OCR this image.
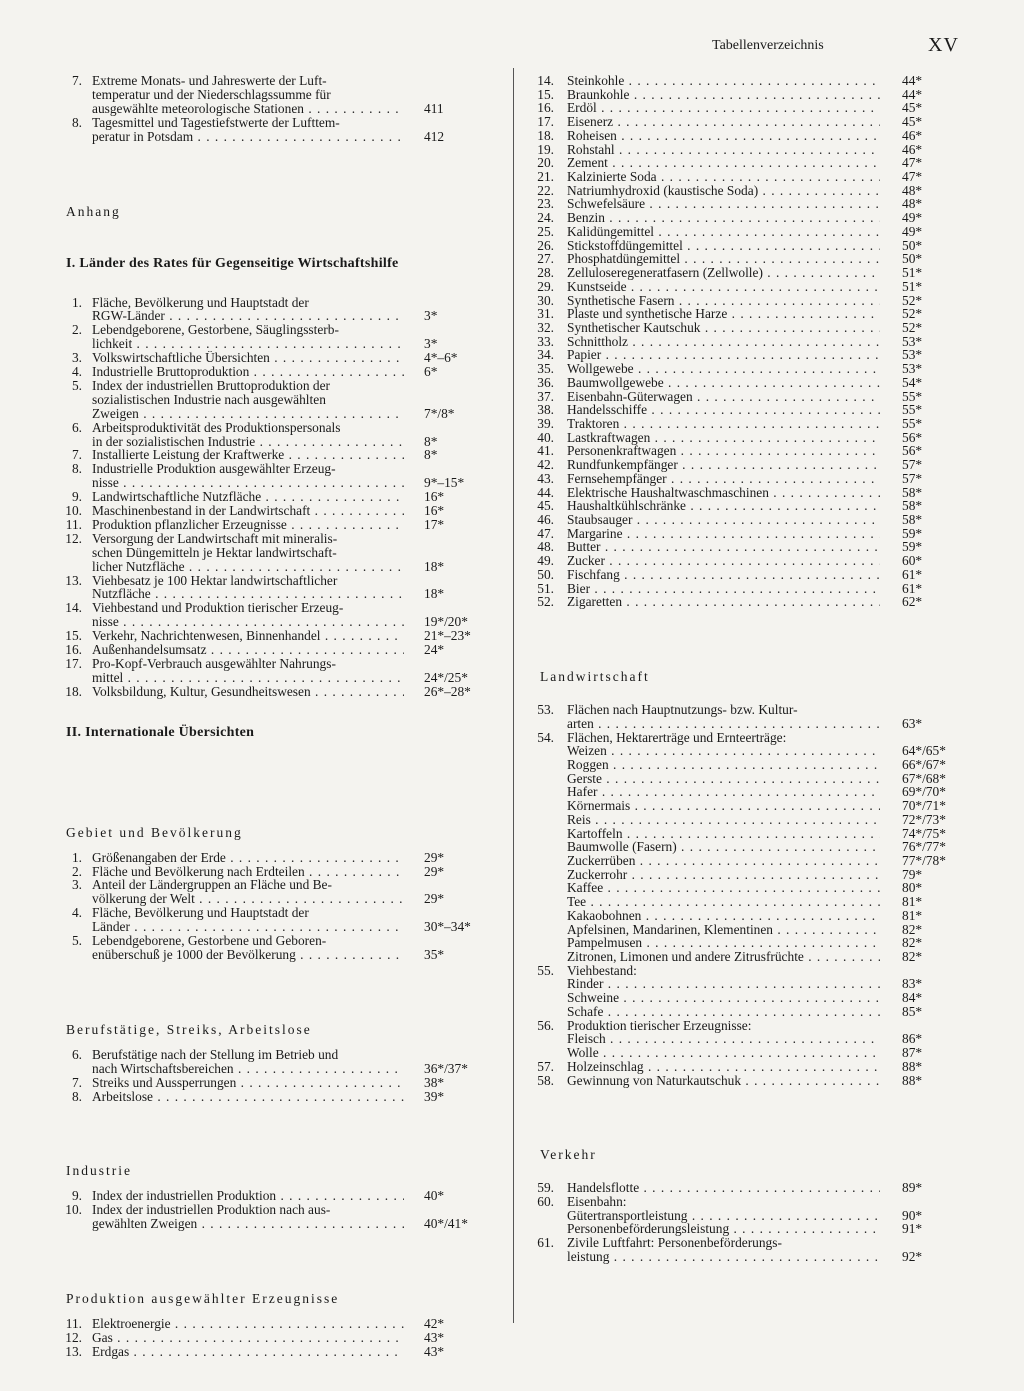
Tabellenverzeichnis	XV
7. Extreme Monats- und Jahreswerte der Luft-
temperatur und der Niederschlagssumme für
ausgewählte meteorologische Stationen . . .	411
8. Tagesmittel und Tagestiefstwerte der Lufttem-
peratur in Potsdam . . .	412
Anhang
I. Länder des Rates für Gegenseitige Wirtschaftshilfe
1. Fläche, Bevölkerung und Hauptstadt der
RGW-Länder . . .	3*
2. Lebendgeborene, Gestorbene, Säuglingssterb-
lichkeit . . .	3*
3. Volkswirtschaftliche Übersichten . . .	4*–6*
4. Industrielle Bruttoproduktion . . .	6*
5. Index der industriellen Bruttoproduktion der
sozialistischen Industrie nach ausgewählten
Zweigen . . .	7*/8*
6. Arbeitsproduktivität des Produktionspersonals
in der sozialistischen Industrie . . .	8*
7. Installierte Leistung der Kraftwerke . . .	8*
8. Industrielle Produktion ausgewählter Erzeug-
nisse . . .	9*–15*
9. Landwirtschaftliche Nutzfläche . . .	16*
10. Maschinenbestand in der Landwirtschaft . . .	16*
11. Produktion pflanzlicher Erzeugnisse . . .	17*
12. Versorgung der Landwirtschaft mit mineralis-
schen Düngemitteln je Hektar landwirtschaft-
licher Nutzfläche . . .	18*
13. Viehbesatz je 100 Hektar landwirtschaftlicher
Nutzfläche . . .	18*
14. Viehbestand und Produktion tierischer Erzeug-
nisse . . .	19*/20*
15. Verkehr, Nachrichtenwesen, Binnenhandel . . .	21*–23*
16. Außenhandelsumsatz . . .	24*
17. Pro-Kopf-Verbrauch ausgewählter Nahrungs-
mittel . . .	24*/25*
18. Volksbildung, Kultur, Gesundheitswesen . . .	26*–28*
II. Internationale Übersichten
Gebiet und Bevölkerung
1. Größenangaben der Erde . . .	29*
2. Fläche und Bevölkerung nach Erdteilen . . .	29*
3. Anteil der Ländergruppen an Fläche und Be-
völkerung der Welt . . .	29*
4. Fläche, Bevölkerung und Hauptstadt der
Länder . . .	30*–34*
5. Lebendgeborene, Gestorbene und Geboren-
enüberschuß je 1000 der Bevölkerung . . .	35*
Berufstätige, Streiks, Arbeitslose
6. Berufstätige nach der Stellung im Betrieb und
nach Wirtschaftsbereichen . . .	36*/37*
7. Streiks und Aussperrungen . . .	38*
8. Arbeitslose . . .	39*
Industrie
9. Index der industriellen Produktion . . .	40*
10. Index der industriellen Produktion nach aus-
gewählten Zweigen . . .	40*/41*
Produktion ausgewählter Erzeugnisse
11. Elektroenergie . . .	42*
12. Gas . . .	43*
13. Erdgas . . .	43*
14. Steinkohle . . .	44*
15. Braunkohle . . .	44*
16. Erdöl . . .	45*
17. Eisenerz . . .	45*
18. Roheisen . . .	46*
19. Rohstahl . . .	46*
20. Zement . . .	47*
21. Kalzinierte Soda . . .	47*
22. Natriumhydroxid (kaustische Soda) . . .	48*
23. Schwefelsäure . . .	48*
24. Benzin . . .	49*
25. Kalidüngemittel . . .	49*
26. Stickstoffdüngemittel . . .	50*
27. Phosphatdüngemittel . . .	50*
28. Zelluloseregeneratfasern (Zellwolle) . . .	51*
29. Kunstseide . . .	51*
30. Synthetische Fasern . . .	52*
31. Plaste und synthetische Harze . . .	52*
32. Synthetischer Kautschuk . . .	52*
33. Schnittholz . . .	53*
34. Papier . . .	53*
35. Wollgewebe . . .	53*
36. Baumwollgewebe . . .	54*
37. Eisenbahn-Güterwagen . . .	55*
38. Handelsschiffe . . .	55*
39. Traktoren . . .	55*
40. Lastkraftwagen . . .	56*
41. Personenkraftwagen . . .	56*
42. Rundfunkempfänger . . .	57*
43. Fernsehempfänger . . .	57*
44. Elektrische Haushaltwaschmaschinen . . .	58*
45. Haushaltkühlschränke . . .	58*
46. Staubsauger . . .	58*
47. Margarine . . .	59*
48. Butter . . .	59*
49. Zucker . . .	60*
50. Fischfang . . .	61*
51. Bier . . .	61*
52. Zigaretten . . .	62*
Landwirtschaft
53. Flächen nach Hauptnutzungs- bzw. Kultur-
arten . . .	63*
54. Flächen, Hektarerträge und Ernteerträge:
Weizen . . .	64*/65*
Roggen . . .	66*/67*
Gerste . . .	67*/68*
Hafer . . .	69*/70*
Körnermais . . .	70*/71*
Reis . . .	72*/73*
Kartoffeln . . .	74*/75*
Baumwolle (Fasern) . . .	76*/77*
Zuckerrüben . . .	77*/78*
Zuckerrohr . . .	79*
Kaffee . . .	80*
Tee . . .	81*
Kakaobohnen . . .	81*
Apfelsinen, Mandarinen, Klementinen . . .	82*
Pampelmusen . . .	82*
Zitronen, Limonen und andere Zitrusfrüchte . . .	82*
55. Viehbestand:
Rinder . . .	83*
Schweine . . .	84*
Schafe . . .	85*
56. Produktion tierischer Erzeugnisse:
Fleisch . . .	86*
Wolle . . .	87*
57. Holzeinschlag . . .	88*
58. Gewinnung von Naturkautschuk . . .	88*
Verkehr
59. Handelsflotte . . .	89*
60. Eisenbahn:
Gütertransportleistung . . .	90*
Personenbeförderungsleistung . . .	91*
61. Zivile Luftfahrt: Personenbeförderungs-
leistung . . .	92*
